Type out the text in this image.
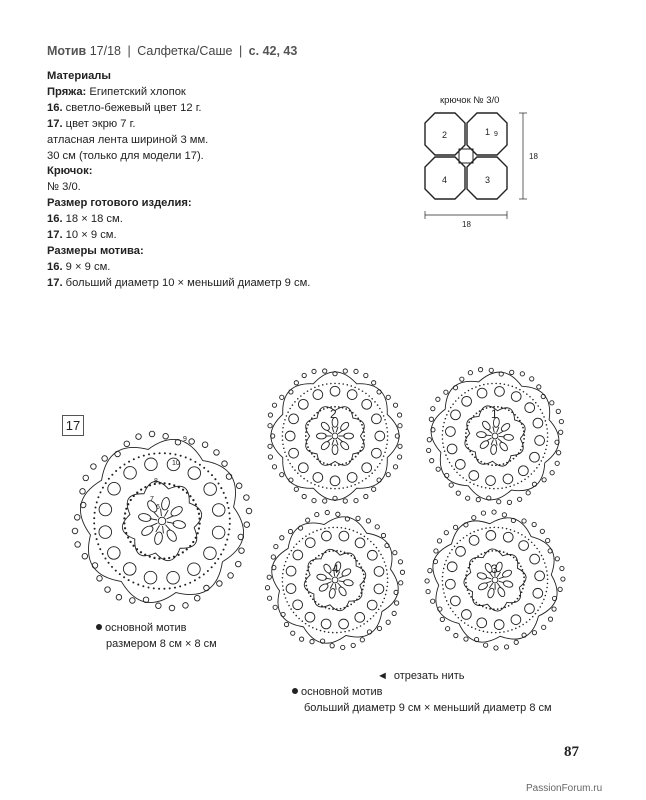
Мотив 17/18 | Салфетка/Саше | с. 42, 43
Материалы
Пряжа: Египетский хлопок
16. светло-бежевый цвет 12 г.
17. цвет экрю 7 г.
атласная лента шириной 3 мм.
30 см (только для модели 17).
Крючок:
№ 3/0.
Размер готового изделия:
16. 18 × 18 см.
17. 10 × 9 см.
Размеры мотива:
16. 9 × 9 см.
17. больший диаметр 10 × меньший диаметр 9 см.
крючок № 3/0
2	1
4	3
9
18
18
17
2	1
4	3
9
10
8
7
6
основной мотив
размером 8 см × 8 см
◄ отрезать нить
основной мотив
больший диаметр 9 см × меньший диаметр 8 см
87
PassionForum.ru
